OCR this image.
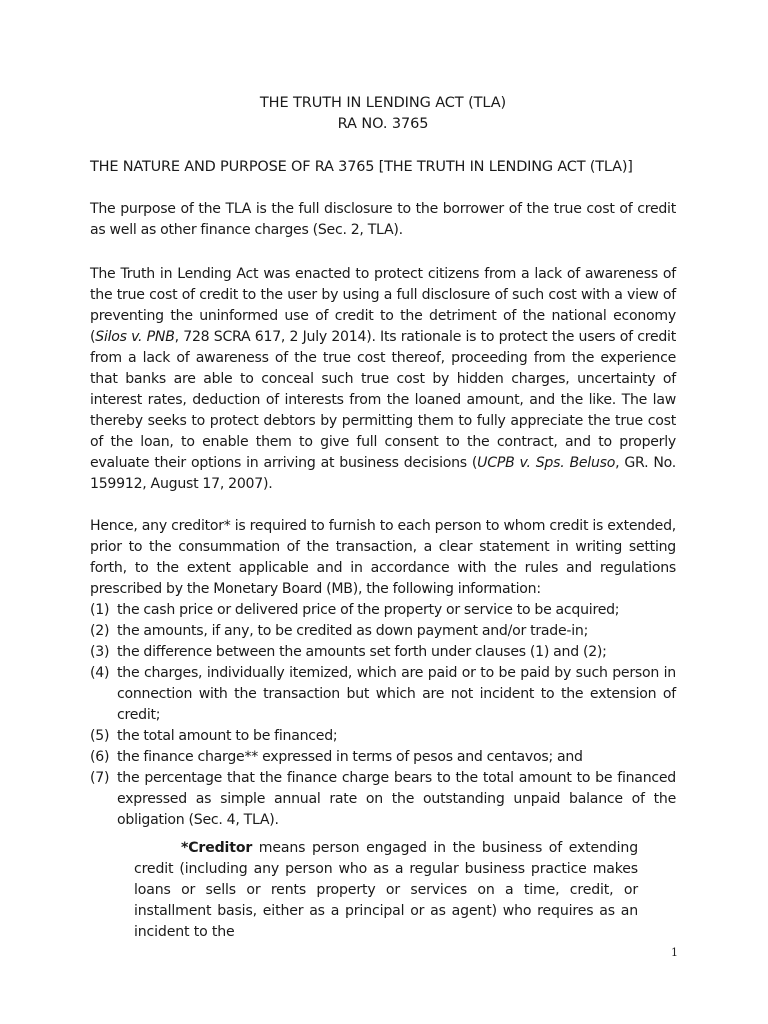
THE TRUTH IN LENDING ACT (TLA)
RA NO. 3765
THE NATURE AND PURPOSE OF RA 3765 [THE TRUTH IN LENDING ACT (TLA)]
The purpose of the TLA is the full disclosure to the borrower of the true cost of credit as well as other finance charges (Sec. 2, TLA).
The Truth in Lending Act was enacted to protect citizens from a lack of awareness of the true cost of credit to the user by using a full disclosure of such cost with a view of preventing the uninformed use of credit to the detriment of the national economy (Silos v. PNB, 728 SCRA 617, 2 July 2014). Its rationale is to protect the users of credit from a lack of awareness of the true cost thereof, proceeding from the experience that banks are able to conceal such true cost by hidden charges, uncertainty of interest rates, deduction of interests from the loaned amount, and the like. The law thereby seeks to protect debtors by permitting them to fully appreciate the true cost of the loan, to enable them to give full consent to the contract, and to properly evaluate their options in arriving at business decisions (UCPB v. Sps. Beluso, GR. No. 159912, August 17, 2007).
Hence, any creditor* is required to furnish to each person to whom credit is extended, prior to the consummation of the transaction, a clear statement in writing setting forth, to the extent applicable and in accordance with the rules and regulations prescribed by the Monetary Board (MB), the following information:
(1) the cash price or delivered price of the property or service to be acquired;
(2) the amounts, if any, to be credited as down payment and/or trade-in;
(3) the difference between the amounts set forth under clauses (1) and (2);
(4) the charges, individually itemized, which are paid or to be paid by such person in connection with the transaction but which are not incident to the extension of credit;
(5) the total amount to be financed;
(6) the finance charge** expressed in terms of pesos and centavos; and
(7) the percentage that the finance charge bears to the total amount to be financed expressed as simple annual rate on the outstanding unpaid balance of the obligation (Sec. 4, TLA).
*Creditor means person engaged in the business of extending credit (including any person who as a regular business practice makes loans or sells or rents property or services on a time, credit, or installment basis, either as a principal or as agent) who requires as an incident to the
1
